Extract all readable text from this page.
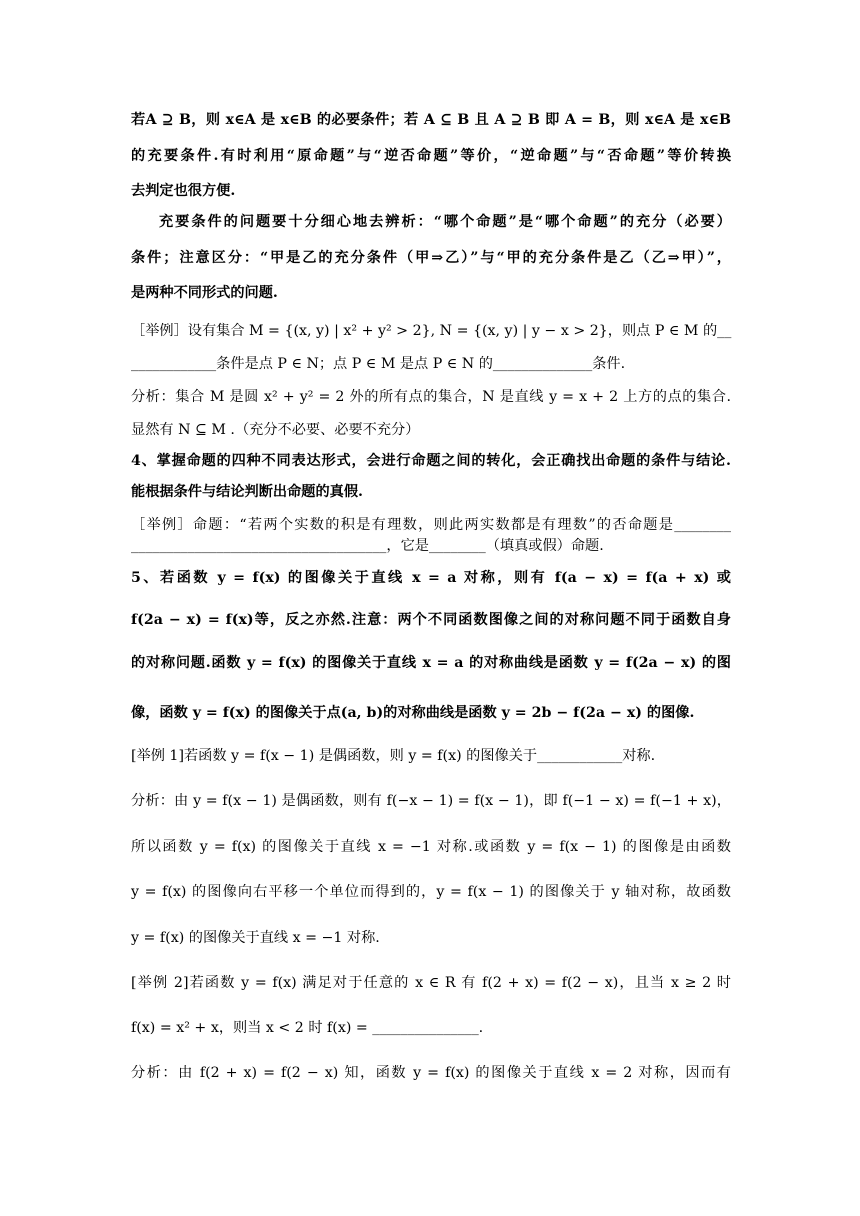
若A ⊇ B，则 x∈A 是 x∈B 的必要条件；若 A ⊆ B 且 A ⊇ B 即 A = B，则 x∈A 是 x∈B
的充要条件.有时利用“原命题”与“逆否命题”等价，“逆命题”与“否命题”等价转换
去判定也很方便.
充要条件的问题要十分细心地去辨析：“哪个命题”是“哪个命题”的充分（必要）
条件；注意区分：“甲是乙的充分条件（甲⇒乙）”与“甲的充分条件是乙（乙⇒甲）”，
是两种不同形式的问题.
［举例］设有集合 M = {(x, y) | x² + y² > 2}, N = {(x, y) | y − x > 2}，则点 P ∈ M 的__
____________条件是点 P ∈ N；点 P ∈ M 是点 P ∈ N 的______________条件.
分析：集合 M 是圆 x² + y² = 2 外的所有点的集合，N 是直线 y = x + 2 上方的点的集合.
显然有 N ⊆ M .（充分不必要、必要不充分）
4、掌握命题的四种不同表达形式，会进行命题之间的转化，会正确找出命题的条件与结论.
能根据条件与结论判断出命题的真假.
［举例］命题：“若两个实数的积是有理数，则此两实数都是有理数”的否命题是________
____________________________________，它是________（填真或假）命题.
5、若函数 y = f(x) 的图像关于直线 x = a 对称，则有 f(a − x) = f(a + x) 或
f(2a − x) = f(x)等，反之亦然.注意：两个不同函数图像之间的对称问题不同于函数自身
的对称问题.函数 y = f(x) 的图像关于直线 x = a 的对称曲线是函数 y = f(2a − x) 的图
像，函数 y = f(x) 的图像关于点(a, b)的对称曲线是函数 y = 2b − f(2a − x) 的图像.
[举例 1]若函数 y = f(x − 1) 是偶函数，则 y = f(x) 的图像关于____________对称.
分析：由 y = f(x − 1) 是偶函数，则有 f(−x − 1) = f(x − 1)，即 f(−1 − x) = f(−1 + x)，
所以函数 y = f(x) 的图像关于直线 x = −1 对称.或函数 y = f(x − 1) 的图像是由函数
y = f(x) 的图像向右平移一个单位而得到的，y = f(x − 1) 的图像关于 y 轴对称，故函数
y = f(x) 的图像关于直线 x = −1 对称.
[举例 2]若函数 y = f(x) 满足对于任意的 x ∈ R 有 f(2 + x) = f(2 − x)，且当 x ≥ 2 时
f(x) = x² + x，则当 x < 2 时 f(x) = _______________.
分析：由 f(2 + x) = f(2 − x) 知，函数 y = f(x) 的图像关于直线 x = 2 对称，因而有
